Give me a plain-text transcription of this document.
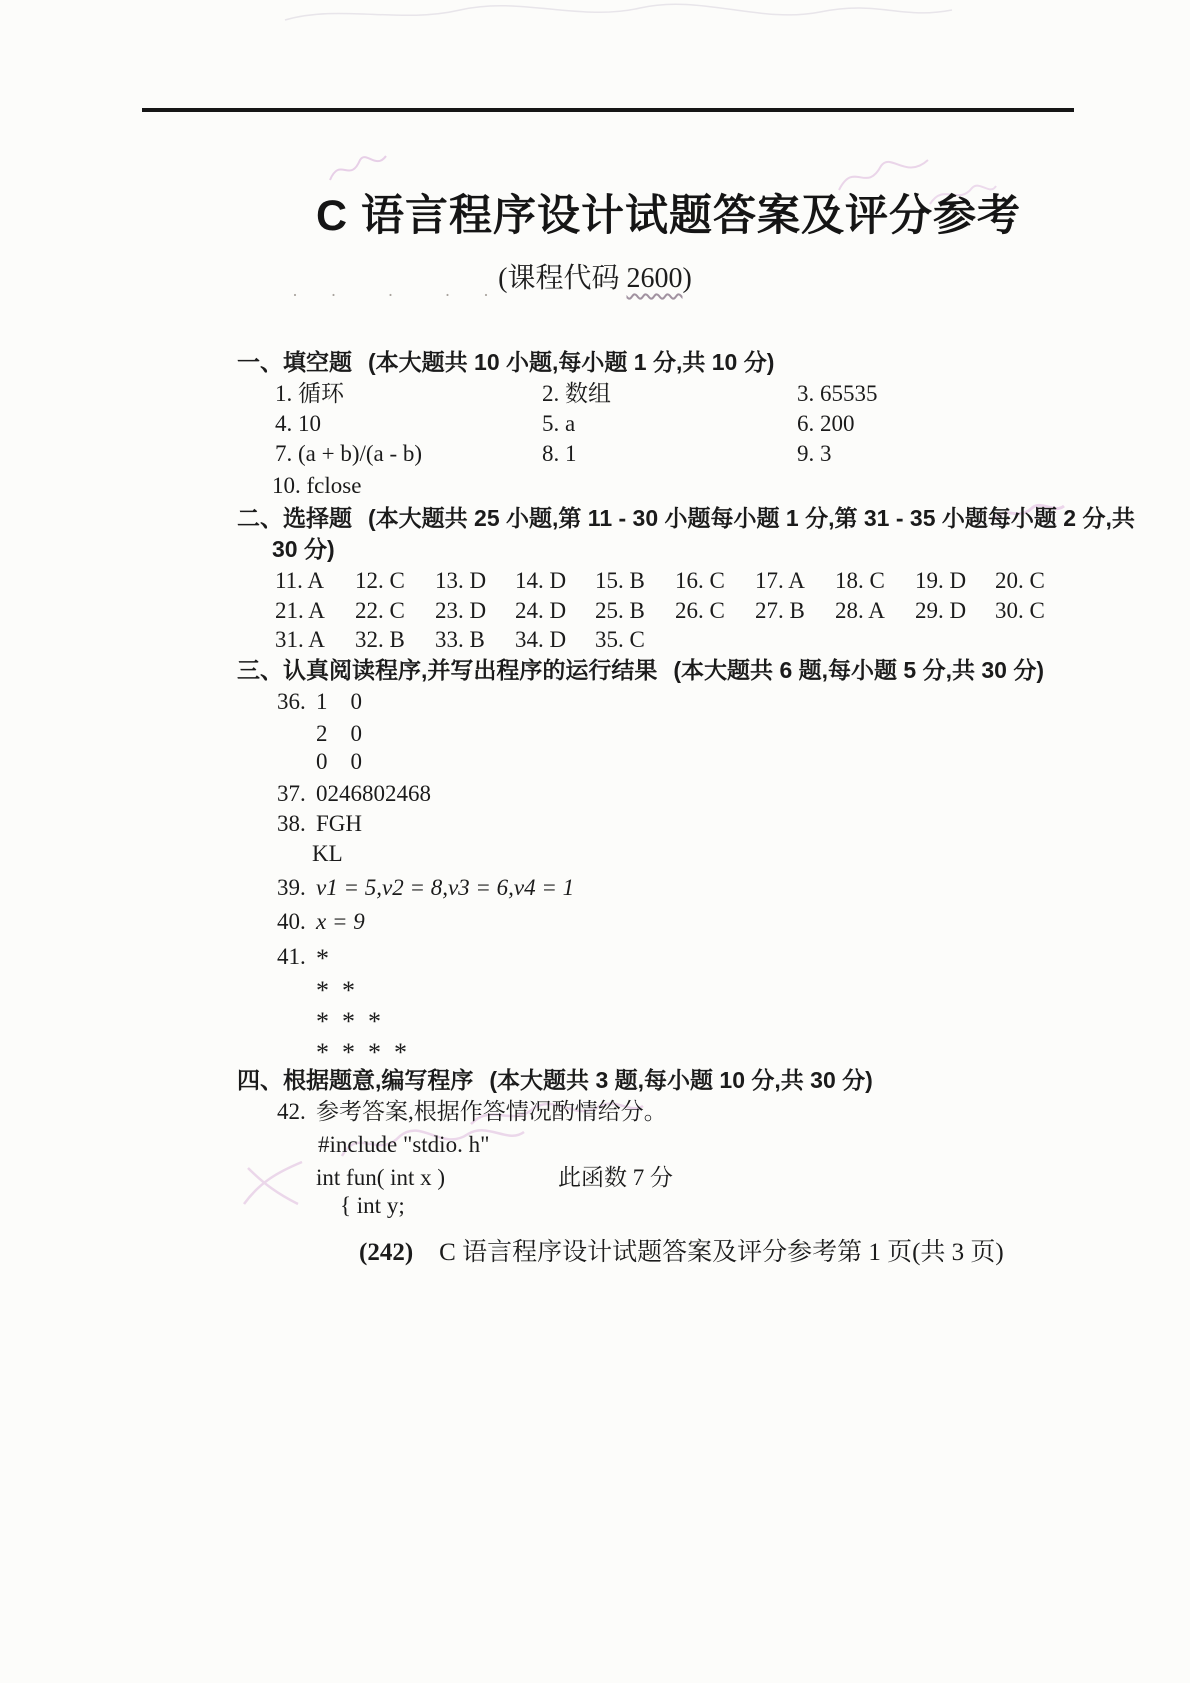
C 语言程序设计试题答案及评分参考
(课程代码 2600)
· ·  ·  · ·
一、填空题 (本大题共 10 小题,每小题 1 分,共 10 分)
1. 循环	2. 数组	3. 65535
4. 10	5. a	6. 200
7. (a + b)/(a - b)	8. 1	9. 3
10. fclose
二、选择题 (本大题共 25 小题,第 11 - 30 小题每小题 1 分,第 31 - 35 小题每小题 2 分,共
30 分)
11. A 12. C 13. D 14. D 15. B 16. C 17. A 18. C 19. D 20. C
21. A 22. C 23. D 24. D 25. B 26. C 27. B 28. A 29. D 30. C
31. A 32. B 33. B 34. D 35. C
三、认真阅读程序,并写出程序的运行结果 (本大题共 6 题,每小题 5 分,共 30 分)
36. 1    0
2    0
0    0
37. 0246802468
38. FGH
KL
39. v1 = 5,v2 = 8,v3 = 6,v4 = 1
40. x = 9
41. *
*  *
*  *  *
*  *  *  *
四、根据题意,编写程序 (本大题共 3 题,每小题 10 分,共 30 分)
42. 参考答案,根据作答情况酌情给分。
#include "stdio. h"
int fun( int x )	此函数 7 分
{ int y;
(242) C 语言程序设计试题答案及评分参考第 1 页(共 3 页)
